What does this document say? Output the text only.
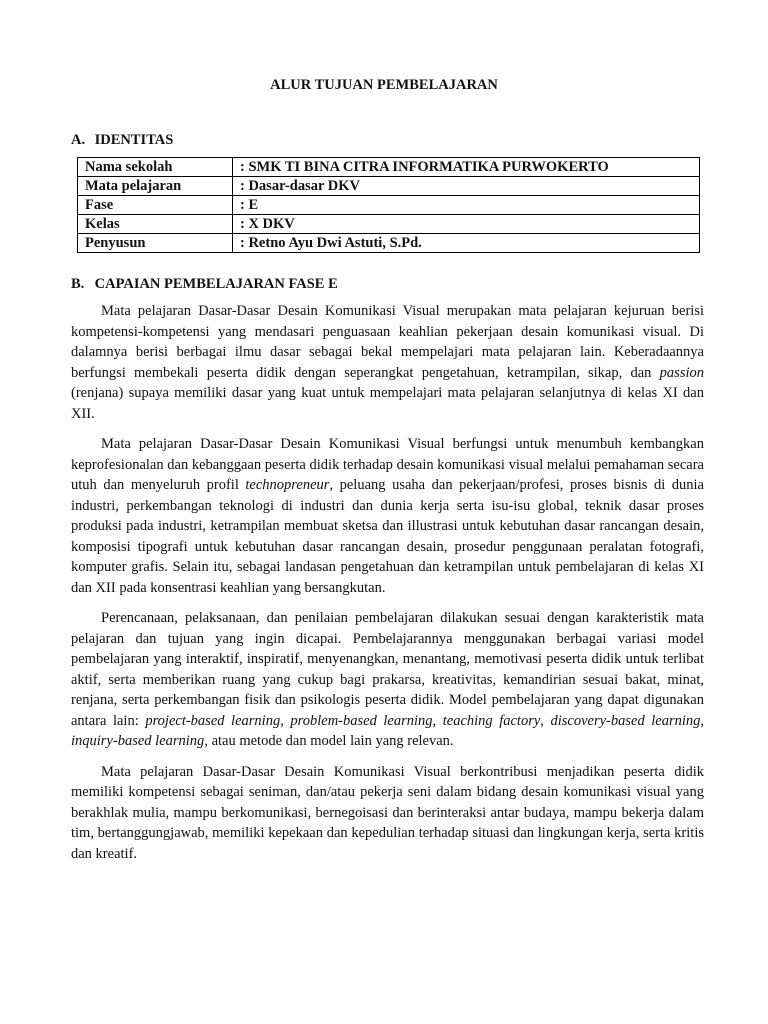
ALUR TUJUAN PEMBELAJARAN
A. IDENTITAS
Nama sekolah	: SMK TI BINA CITRA INFORMATIKA PURWOKERTO
Mata pelajaran	: Dasar-dasar DKV
Fase	: E
Kelas	: X DKV
Penyusun	: Retno Ayu Dwi Astuti, S.Pd.
B. CAPAIAN PEMBELAJARAN FASE E

Mata pelajaran Dasar-Dasar Desain Komunikasi Visual merupakan mata pelajaran kejuruan berisi kompetensi-kompetensi yang mendasari penguasaan keahlian pekerjaan desain komunikasi visual. Di dalamnya berisi berbagai ilmu dasar sebagai bekal mempelajari mata pelajaran lain. Keberadaannya berfungsi membekali peserta didik dengan seperangkat pengetahuan, ketrampilan, sikap, dan passion (renjana) supaya memiliki dasar yang kuat untuk mempelajari mata pelajaran selanjutnya di kelas XI dan XII.

Mata pelajaran Dasar-Dasar Desain Komunikasi Visual berfungsi untuk menumbuh kembangkan keprofesionalan dan kebanggaan peserta didik terhadap desain komunikasi visual melalui pemahaman secara utuh dan menyeluruh profil technopreneur, peluang usaha dan pekerjaan/profesi, proses bisnis di dunia industri, perkembangan teknologi di industri dan dunia kerja serta isu-isu global, teknik dasar proses produksi pada industri, ketrampilan membuat sketsa dan illustrasi untuk kebutuhan dasar rancangan desain, komposisi tipografi untuk kebutuhan dasar rancangan desain, prosedur penggunaan peralatan fotografi, komputer grafis. Selain itu, sebagai landasan pengetahuan dan ketrampilan untuk pembelajaran di kelas XI dan XII pada konsentrasi keahlian yang bersangkutan.

Perencanaan, pelaksanaan, dan penilaian pembelajaran dilakukan sesuai dengan karakteristik mata pelajaran dan tujuan yang ingin dicapai. Pembelajarannya menggunakan berbagai variasi model pembelajaran yang interaktif, inspiratif, menyenangkan, menantang, memotivasi peserta didik untuk terlibat aktif, serta memberikan ruang yang cukup bagi prakarsa, kreativitas, kemandirian sesuai bakat, minat, renjana, serta perkembangan fisik dan psikologis peserta didik. Model pembelajaran yang dapat digunakan antara lain: project-based learning, problem-based learning, teaching factory, discovery-based learning, inquiry-based learning, atau metode dan model lain yang relevan.

Mata pelajaran Dasar-Dasar Desain Komunikasi Visual berkontribusi menjadikan peserta didik memiliki kompetensi sebagai seniman, dan/atau pekerja seni dalam bidang desain komunikasi visual yang berakhlak mulia, mampu berkomunikasi, bernegoisasi dan berinteraksi antar budaya, mampu bekerja dalam tim, bertanggungjawab, memiliki kepekaan dan kepedulian terhadap situasi dan lingkungan kerja, serta kritis dan kreatif.
